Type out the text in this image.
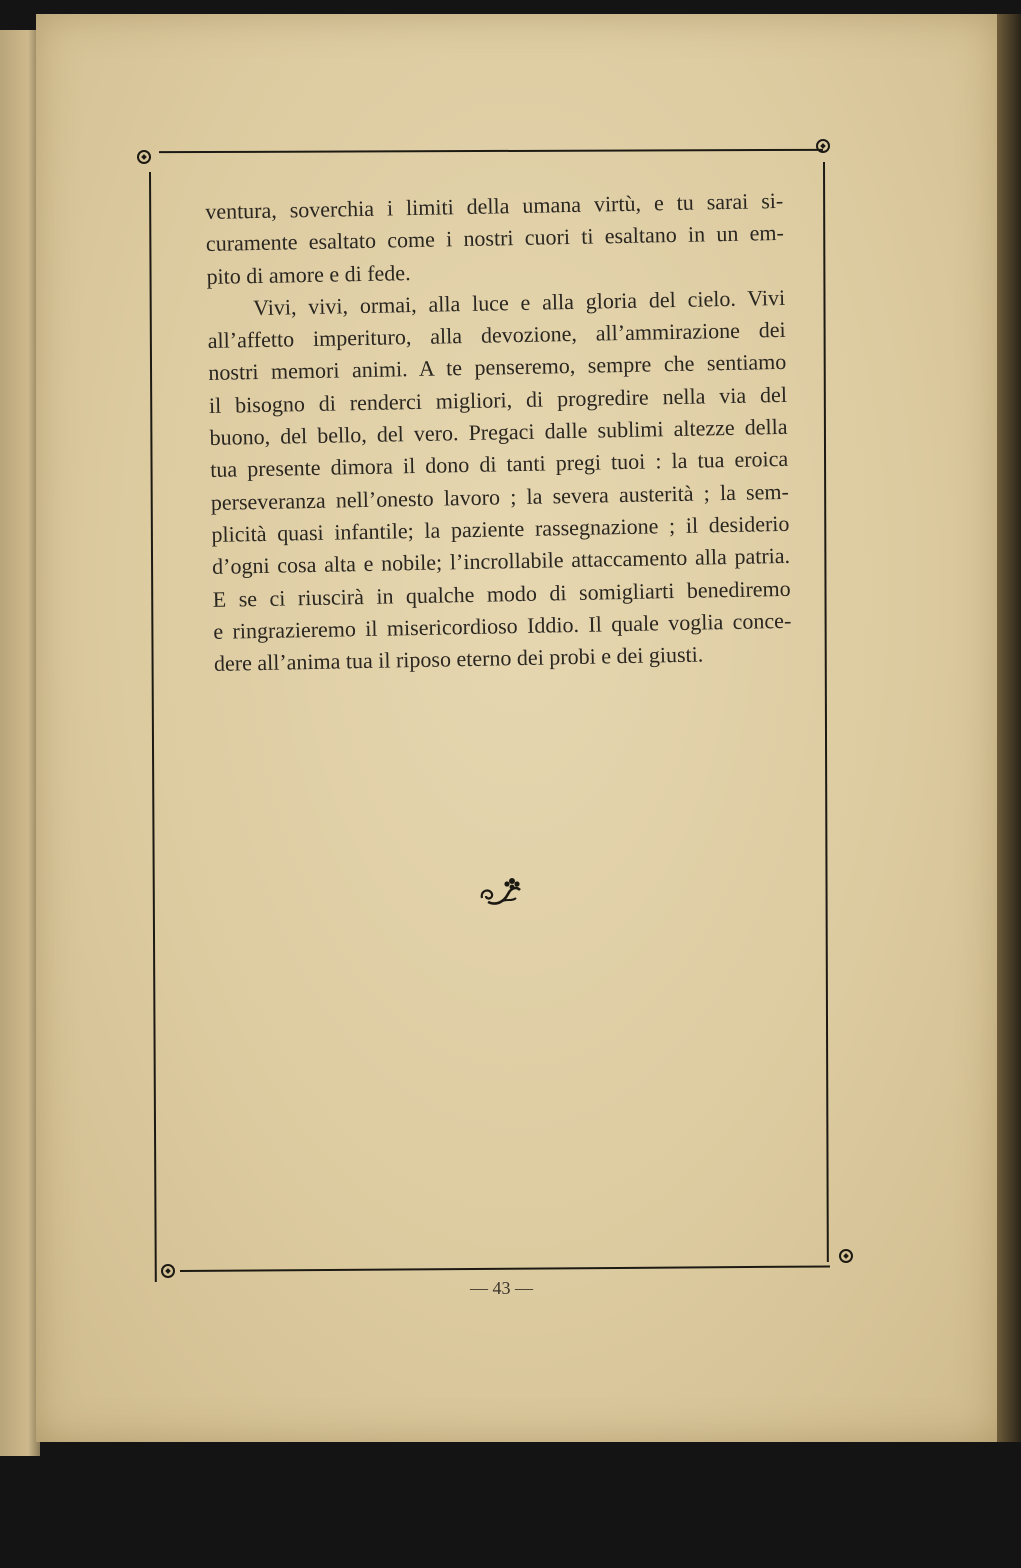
ventura, soverchia i limiti della umana virtù, e tu sarai si-
curamente esaltato come i nostri cuori ti esaltano in un em-
pito di amore e di fede.
Vivi, vivi, ormai, alla luce e alla gloria del cielo. Vivi
all’affetto imperituro, alla devozione, all’ammirazione dei
nostri memori animi. A te penseremo, sempre che sentiamo
il bisogno di renderci migliori, di progredire nella via del
buono, del bello, del vero. Pregaci dalle sublimi altezze della
tua presente dimora il dono di tanti pregi tuoi : la tua eroica
perseveranza nell’onesto lavoro ; la severa austerità ; la sem-
plicità quasi infantile; la paziente rassegnazione ; il desiderio
d’ogni cosa alta e nobile; l’incrollabile attaccamento alla patria.
E se ci riuscirà in qualche modo di somigliarti benediremo
e ringrazieremo il misericordioso Iddio. Il quale voglia conce-
dere all’anima tua il riposo eterno dei probi e dei giusti.
— 43 —
